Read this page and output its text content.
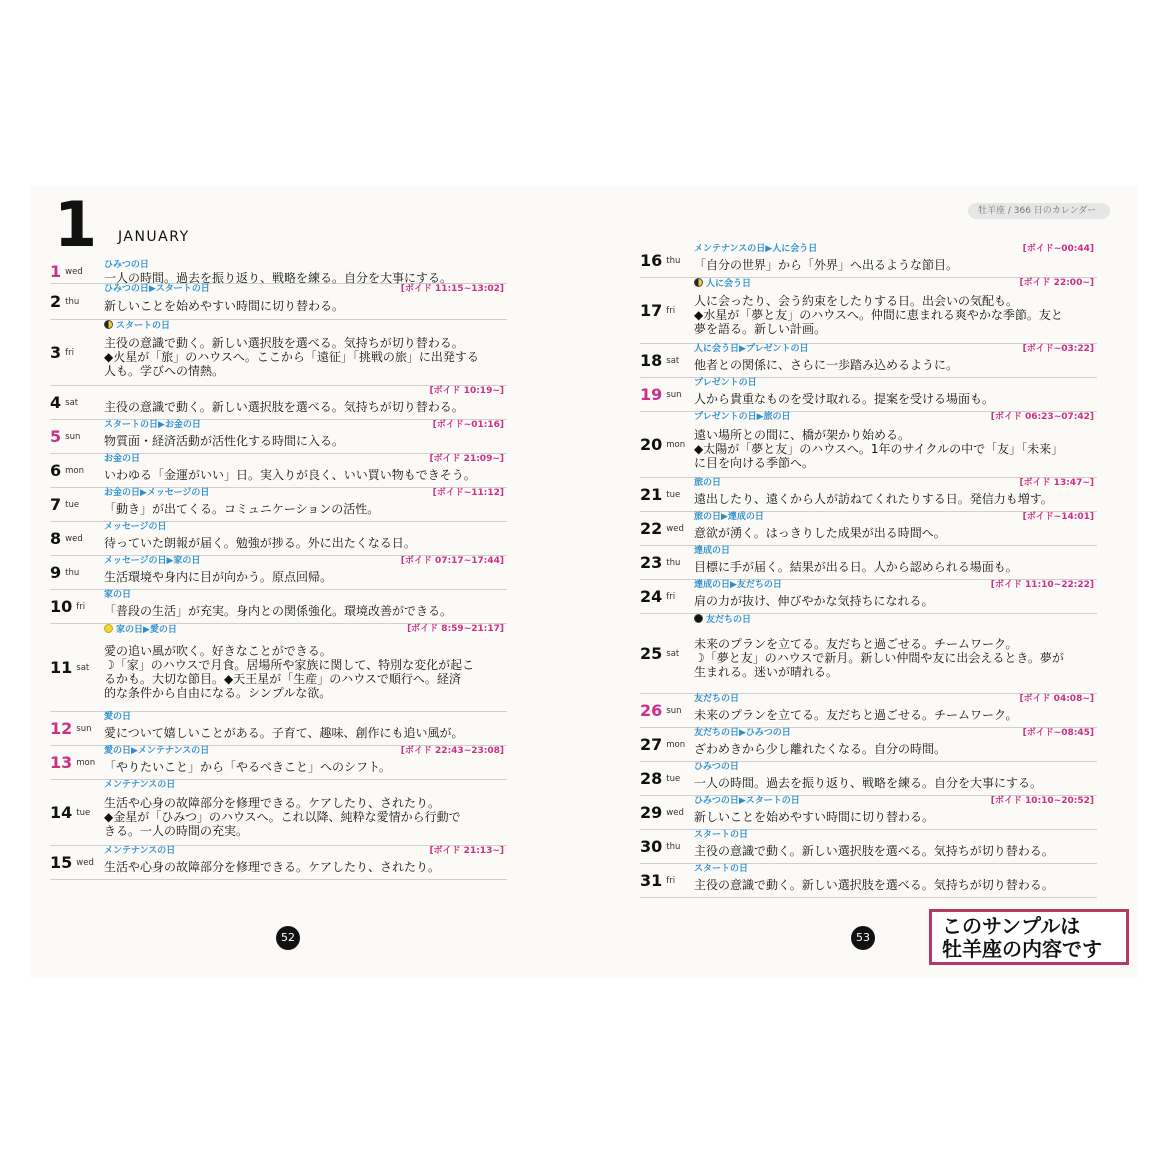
1 JANUARY
牡羊座 / 366 日のカレンダー
1 wed
ひみつの日
一人の時間。過去を振り返り、戦略を練る。自分を大事にする。
2 thu
ひみつの日▶スタートの日	[ボイド 11:15~13:02]
新しいことを始めやすい時間に切り替わる。
3 fri
スタートの日
主役の意識で動く。新しい選択肢を選べる。気持ちが切り替わる。
◆火星が「旅」のハウスへ。ここから「遠征」「挑戦の旅」に出発する
人も。学びへの情熱。
4 sat
[ボイド 10:19~]
主役の意識で動く。新しい選択肢を選べる。気持ちが切り替わる。
5 sun
スタートの日▶お金の日	[ボイド~01:16]
物質面・経済活動が活性化する時間に入る。
6 mon
お金の日	[ボイド 21:09~]
いわゆる「金運がいい」日。実入りが良く、いい買い物もできそう。
7 tue
お金の日▶メッセージの日	[ボイド~11:12]
「動き」が出てくる。コミュニケーションの活性。
8 wed
メッセージの日
待っていた朗報が届く。勉強が捗る。外に出たくなる日。
9 thu
メッセージの日▶家の日	[ボイド 07:17~17:44]
生活環境や身内に目が向かう。原点回帰。
10 fri
家の日
「普段の生活」が充実。身内との関係強化。環境改善ができる。
11 sat
家の日▶愛の日	[ボイド 8:59~21:17]
愛の追い風が吹く。好きなことができる。
☽「家」のハウスで月食。居場所や家族に関して、特別な変化が起こ
るかも。大切な節目。◆天王星が「生産」のハウスで順行へ。経済
的な条件から自由になる。シンプルな欲。
12 sun
愛の日
愛について嬉しいことがある。子育て、趣味、創作にも追い風が。
13 mon
愛の日▶メンテナンスの日	[ボイド 22:43~23:08]
「やりたいこと」から「やるべきこと」へのシフト。
14 tue
メンテナンスの日
生活や心身の故障部分を修理できる。ケアしたり、されたり。
◆金星が「ひみつ」のハウスへ。これ以降、純粋な愛情から行動で
きる。一人の時間の充実。
15 wed
メンテナンスの日	[ボイド 21:13~]
生活や心身の故障部分を修理できる。ケアしたり、されたり。
16 thu
メンテナンスの日▶人に会う日	[ボイド~00:44]
「自分の世界」から「外界」へ出るような節目。
17 fri
人に会う日	[ボイド 22:00~]
人に会ったり、会う約束をしたりする日。出会いの気配も。
◆水星が「夢と友」のハウスへ。仲間に恵まれる爽やかな季節。友と
夢を語る。新しい計画。
18 sat
人に会う日▶プレゼントの日	[ボイド~03:22]
他者との関係に、さらに一歩踏み込めるように。
19 sun
プレゼントの日
人から貴重なものを受け取れる。提案を受ける場面も。
20 mon
プレゼントの日▶旅の日	[ボイド 06:23~07:42]
遠い場所との間に、橋が架かり始める。
◆太陽が「夢と友」のハウスへ。1年のサイクルの中で「友」「未来」
に目を向ける季節へ。
21 tue
旅の日	[ボイド 13:47~]
遠出したり、遠くから人が訪ねてくれたりする日。発信力も増す。
22 wed
旅の日▶達成の日	[ボイド~14:01]
意欲が湧く。はっきりした成果が出る時間へ。
23 thu
達成の日
目標に手が届く。結果が出る日。人から認められる場面も。
24 fri
達成の日▶友だちの日	[ボイド 11:10~22:22]
肩の力が抜け、伸びやかな気持ちになれる。
25 sat
友だちの日
未来のプランを立てる。友だちと過ごせる。チームワーク。
☽「夢と友」のハウスで新月。新しい仲間や友に出会えるとき。夢が
生まれる。迷いが晴れる。
26 sun
友だちの日	[ボイド 04:08~]
未来のプランを立てる。友だちと過ごせる。チームワーク。
27 mon
友だちの日▶ひみつの日	[ボイド~08:45]
ざわめきから少し離れたくなる。自分の時間。
28 tue
ひみつの日
一人の時間。過去を振り返り、戦略を練る。自分を大事にする。
29 wed
ひみつの日▶スタートの日	[ボイド 10:10~20:52]
新しいことを始めやすい時間に切り替わる。
30 thu
スタートの日
主役の意識で動く。新しい選択肢を選べる。気持ちが切り替わる。
31 fri
スタートの日
主役の意識で動く。新しい選択肢を選べる。気持ちが切り替わる。
52	53	このサンプルは
牡羊座の内容です
